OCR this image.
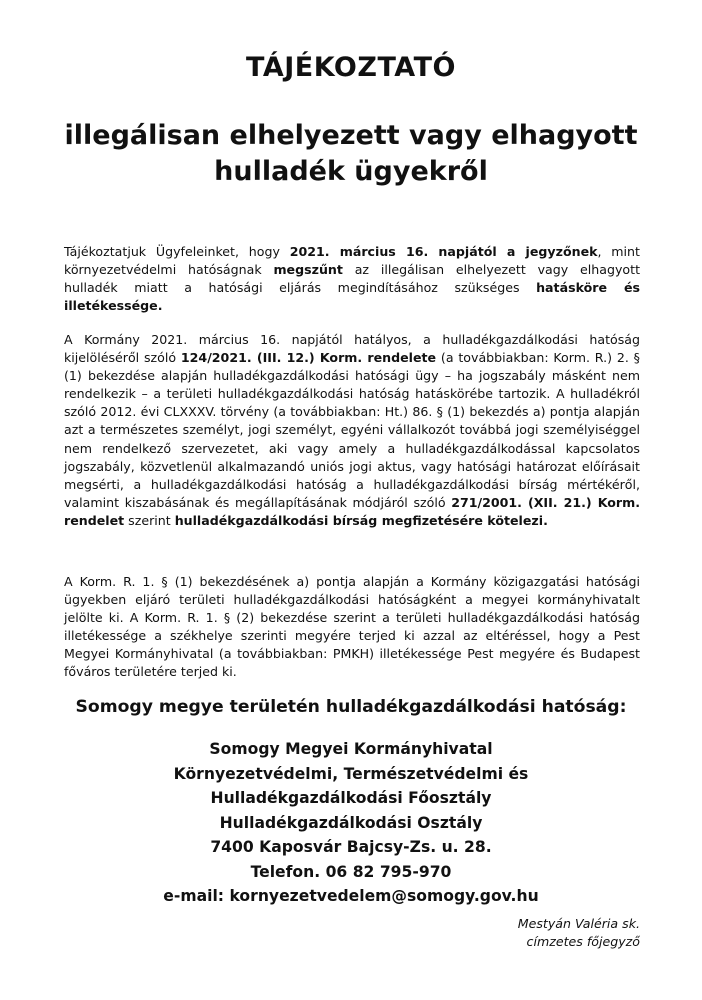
TÁJÉKOZTATÓ
illegálisan elhelyezett vagy elhagyott
hulladék ügyekről
Tájékoztatjuk Ügyfeleinket, hogy 2021. március 16. napjától a jegyzőnek, mint környezetvédelmi hatóságnak megszűnt az illegálisan elhelyezett vagy elhagyott hulladék miatt a hatósági eljárás megindításához szükséges hatásköre és illetékessége.
A Kormány 2021. március 16. napjától hatályos, a hulladékgazdálkodási hatóság kijelöléséről szóló 124/2021. (III. 12.) Korm. rendelete (a továbbiakban: Korm. R.) 2. § (1) bekezdése alapján hulladékgazdálkodási hatósági ügy – ha jogszabály másként nem rendelkezik – a területi hulladékgazdálkodási hatóság hatáskörébe tartozik. A hulladékról szóló 2012. évi CLXXXV. törvény (a továbbiakban: Ht.) 86. § (1) bekezdés a) pontja alapján azt a természetes személyt, jogi személyt, egyéni vállalkozót továbbá jogi személyiséggel nem rendelkező szervezetet, aki vagy amely a hulladékgazdálkodással kapcsolatos jogszabály, közvetlenül alkalmazandó uniós jogi aktus, vagy hatósági határozat előírásait megsérti, a hulladékgazdálkodási hatóság a hulladékgazdálkodási bírság mértékéről, valamint kiszabásának és megállapításának módjáról szóló 271/2001. (XII. 21.) Korm. rendelet szerint hulladékgazdálkodási bírság megfizetésére kötelezi.
A Korm. R. 1. § (1) bekezdésének a) pontja alapján a Kormány közigazgatási hatósági ügyekben eljáró területi hulladékgazdálkodási hatóságként a megyei kormányhivatalt jelölte ki. A Korm. R. 1. § (2) bekezdése szerint a területi hulladékgazdálkodási hatóság illetékessége a székhelye szerinti megyére terjed ki azzal az eltéréssel, hogy a Pest Megyei Kormányhivatal (a továbbiakban: PMKH) illetékessége Pest megyére és Budapest főváros területére terjed ki.
Somogy megye területén hulladékgazdálkodási hatóság:
Somogy Megyei Kormányhivatal
Környezetvédelmi, Természetvédelmi és
Hulladékgazdálkodási Főosztály
Hulladékgazdálkodási Osztály
7400 Kaposvár Bajcsy-Zs. u. 28.
Telefon. 06 82 795-970
e-mail: kornyezetvedelem@somogy.gov.hu
Mestyán Valéria sk.
címzetes főjegyző
